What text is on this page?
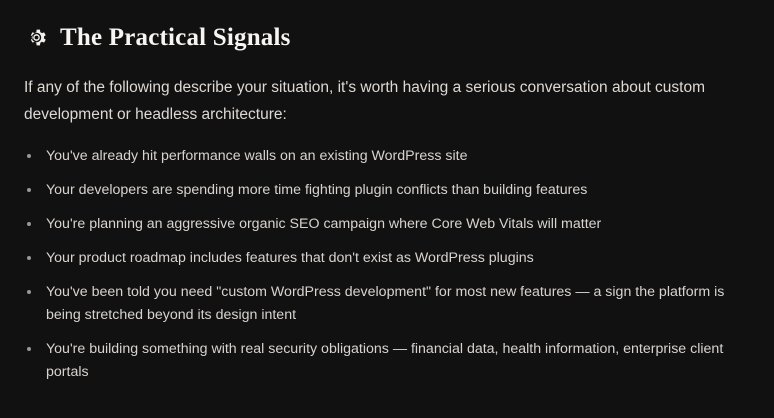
The Practical Signals

If any of the following describe your situation, it's worth having a serious conversation about custom development or headless architecture:

You've already hit performance walls on an existing WordPress site
Your developers are spending more time fighting plugin conflicts than building features
You're planning an aggressive organic SEO campaign where Core Web Vitals will matter
Your product roadmap includes features that don't exist as WordPress plugins
You've been told you need "custom WordPress development" for most new features — a sign the platform is being stretched beyond its design intent
You're building something with real security obligations — financial data, health information, enterprise client portals
